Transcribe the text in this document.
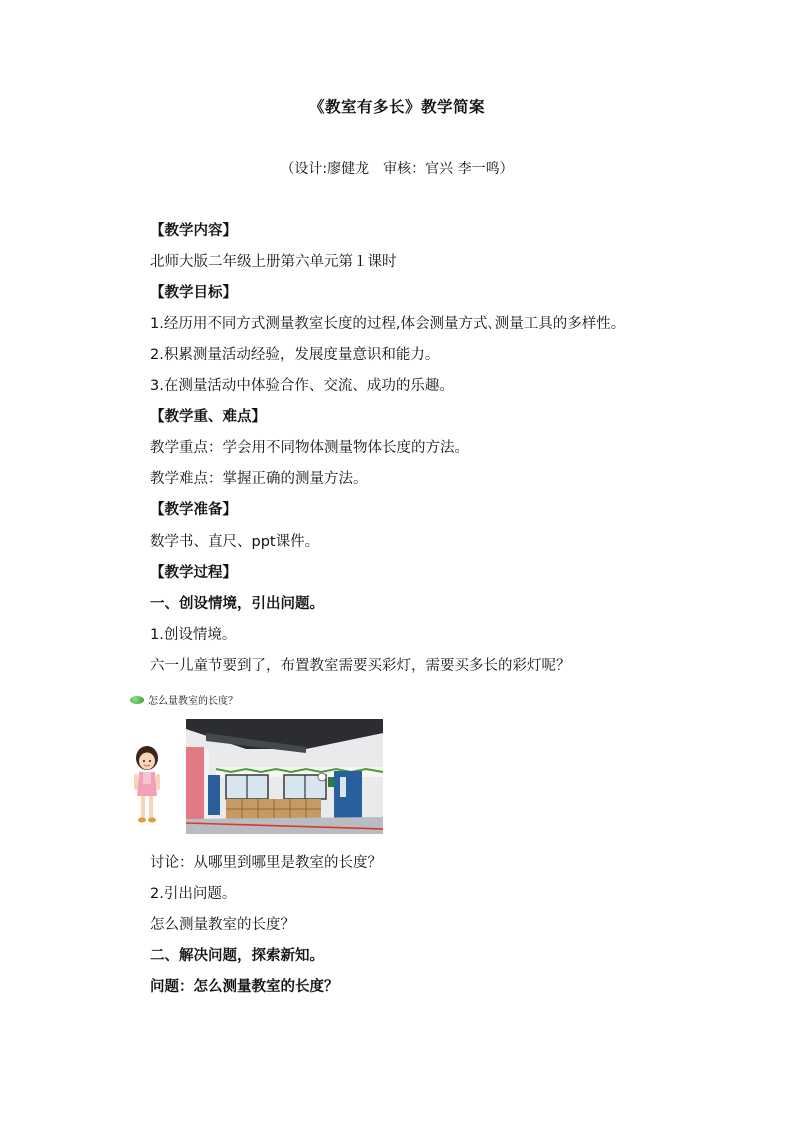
《教室有多长》教学简案
（设计:廖健龙　审核：官兴 李一鸣）
【教学内容】
北师大版二年级上册第六单元第１课时
【教学目标】
1.经历用不同方式测量教室长度的过程,体会测量方式､测量工具的多样性。
2.积累测量活动经验，发展度量意识和能力。
3.在测量活动中体验合作、交流、成功的乐趣。
【教学重、难点】
教学重点：学会用不同物体测量物体长度的方法。
教学难点：掌握正确的测量方法。
【教学准备】
数学书、直尺、ppt课件。
【教学过程】
一、创设情境，引出问题。
1.创设情境。
六一儿童节要到了，布置教室需要买彩灯，需要买多长的彩灯呢？
怎么量教室的长度？
讨论：从哪里到哪里是教室的长度？
2.引出问题。
怎么测量教室的长度？
二、解决问题，探索新知。
问题：怎么测量教室的长度？
